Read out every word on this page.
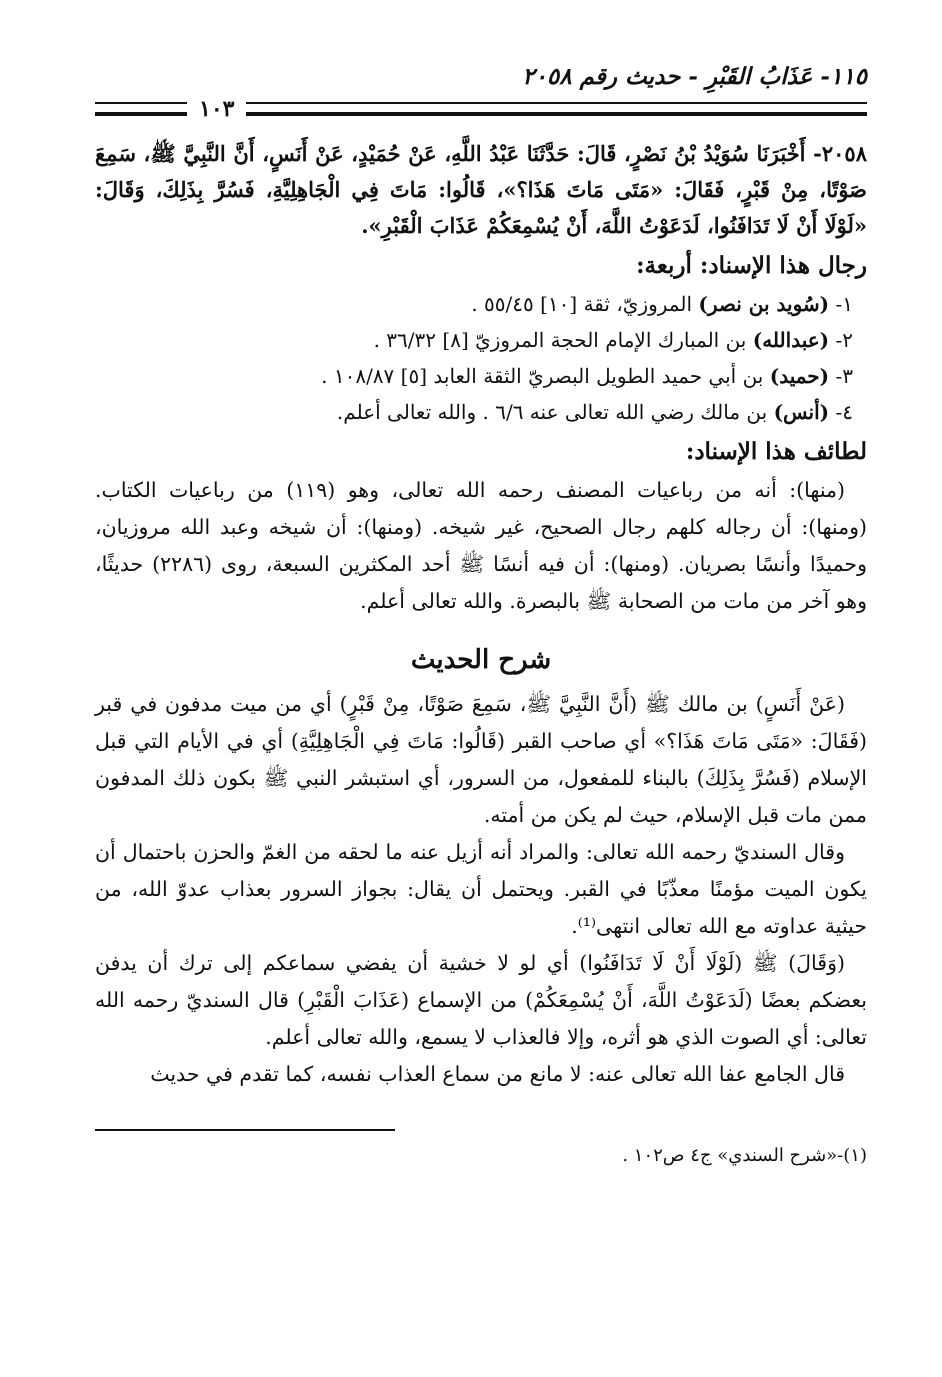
١١٥- عَذَابُ القَبْرِ - حديث رقم ٢٠٥٨
١٠٣

٢٠٥٨- أَخْبَرَنَا سُوَيْدُ بْنُ نَصْرٍ، قَالَ: حَدَّثَنَا عَبْدُ اللَّهِ، عَنْ حُمَيْدٍ، عَنْ أَنَسٍ، أَنَّ النَّبِيَّ ﷺ، سَمِعَ صَوْتًا، مِنْ قَبْرٍ، فَقَالَ: «مَتَى مَاتَ هَذَا؟»، قَالُوا: مَاتَ فِي الْجَاهِلِيَّةِ، فَسُرَّ بِذَلِكَ، وَقَالَ: «لَوْلَا أَنْ لَا تَدَافَنُوا، لَدَعَوْتُ اللَّهَ، أَنْ يُسْمِعَكُمْ عَذَابَ الْقَبْرِ».

رجال هذا الإسناد: أربعة:
١- (سُويد بن نصر) المروزيّ، ثقة [١٠] ٥٥/٤٥ .
٢- (عبدالله) بن المبارك الإمام الحجة المروزيّ [٨] ٣٦/٣٢ .
٣- (حميد) بن أبي حميد الطويل البصريّ الثقة العابد [٥] ١٠٨/٨٧ .
٤- (أنس) بن مالك رضي الله تعالى عنه ٦/٦ . والله تعالى أعلم.
لطائف هذا الإسناد:

(منها): أنه من رباعيات المصنف رحمه الله تعالى، وهو (١١٩) من رباعيات الكتاب. (ومنها): أن رجاله كلهم رجال الصحيح، غير شيخه. (ومنها): أن شيخه وعبد الله مروزيان، وحميدًا وأنسًا بصريان. (ومنها): أن فيه أنسًا ﷺ أحد المكثرين السبعة، روى (٢٢٨٦) حديثًا، وهو آخر من مات من الصحابة ﷺ بالبصرة. والله تعالى أعلم.

شرح الحديث

(عَنْ أَنَسٍ) بن مالك ﷺ (أَنَّ النَّبِيَّ ﷺ، سَمِعَ صَوْتًا، مِنْ قَبْرٍ) أي من ميت مدفون في قبر (فَقَالَ: «مَتَى مَاتَ هَذَا؟» أي صاحب القبر (قَالُوا: مَاتَ فِي الْجَاهِلِيَّةِ) أي في الأيام التي قبل الإسلام (فَسُرَّ بِذَلِكَ) بالبناء للمفعول، من السرور، أي استبشر النبي ﷺ بكون ذلك المدفون ممن مات قبل الإسلام، حيث لم يكن من أمته.

وقال السنديّ رحمه الله تعالى: والمراد أنه أزيل عنه ما لحقه من الغمّ والحزن باحتمال أن يكون الميت مؤمنًا معذّبًا في القبر. ويحتمل أن يقال: بجواز السرور بعذاب عدوّ الله، من حيثية عداوته مع الله تعالى انتهى⁽¹⁾.

(وَقَالَ) ﷺ (لَوْلَا أَنْ لَا تَدَافَنُوا) أي لو لا خشية أن يفضي سماعكم إلى ترك أن يدفن بعضكم بعضًا (لَدَعَوْتُ اللَّهَ، أَنْ يُسْمِعَكُمْ) من الإسماع (عَذَابَ الْقَبْرِ) قال السنديّ رحمه الله تعالى: أي الصوت الذي هو أثره، وإلا فالعذاب لا يسمع، والله تعالى أعلم.

قال الجامع عفا الله تعالى عنه: لا مانع من سماع العذاب نفسه، كما تقدم في حديث

(١)-«شرح السندي» ج٤ ص١٠٢ .
